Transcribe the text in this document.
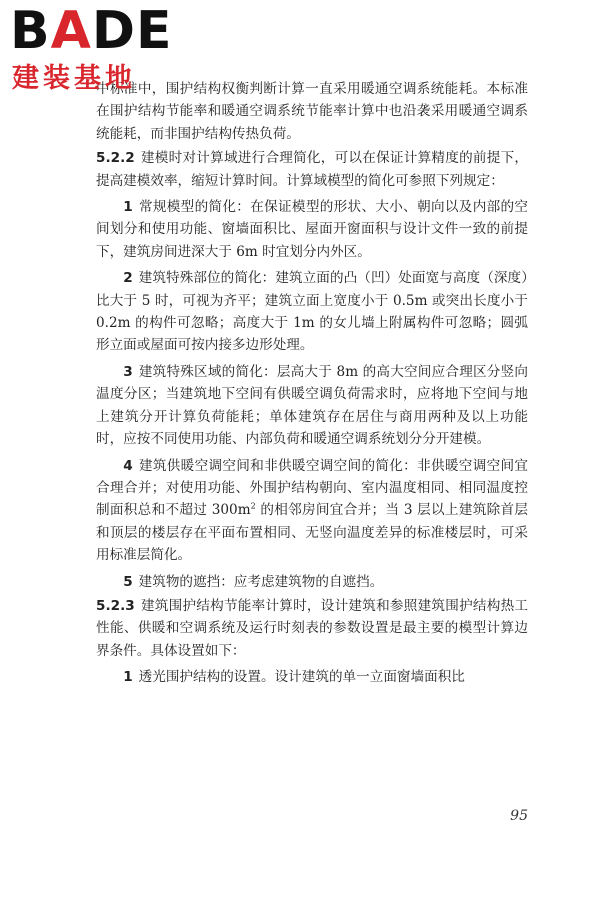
BADE
建装基地

中标准中，围护结构权衡判断计算一直采用暖通空调系统能耗。本标准在围护结构节能率和暖通空调系统节能率计算中也沿袭采用暖通空调系统能耗，而非围护结构传热负荷。

5.2.2 建模时对计算域进行合理简化，可以在保证计算精度的前提下，提高建模效率，缩短计算时间。计算域模型的简化可参照下列规定：

1 常规模型的简化：在保证模型的形状、大小、朝向以及内部的空间划分和使用功能、窗墙面积比、屋面开窗面积与设计文件一致的前提下，建筑房间进深大于 6m 时宜划分内外区。

2 建筑特殊部位的简化：建筑立面的凸（凹）处面宽与高度（深度）比大于 5 时，可视为齐平；建筑立面上宽度小于 0.5m 或突出长度小于 0.2m 的构件可忽略；高度大于 1m 的女儿墙上附属构件可忽略；圆弧形立面或屋面可按内接多边形处理。

3 建筑特殊区域的简化：层高大于 8m 的高大空间应合理区分竖向温度分区；当建筑地下空间有供暖空调负荷需求时，应将地下空间与地上建筑分开计算负荷能耗；单体建筑存在居住与商用两种及以上功能时，应按不同使用功能、内部负荷和暖通空调系统划分分开建模。

4 建筑供暖空调空间和非供暖空调空间的简化：非供暖空调空间宜合理合并；对使用功能、外围护结构朝向、室内温度相同、相同温度控制面积总和不超过 $300m^2$ 的相邻房间宜合并；当 3 层以上建筑除首层和顶层的楼层存在平面布置相同、无竖向温度差异的标准楼层时，可采用标准层简化。

5 建筑物的遮挡：应考虑建筑物的自遮挡。

5.2.3 建筑围护结构节能率计算时，设计建筑和参照建筑围护结构热工性能、供暖和空调系统及运行时刻表的参数设置是最主要的模型计算边界条件。具体设置如下：

1 透光围护结构的设置。设计建筑的单一立面窗墙面积比

95
